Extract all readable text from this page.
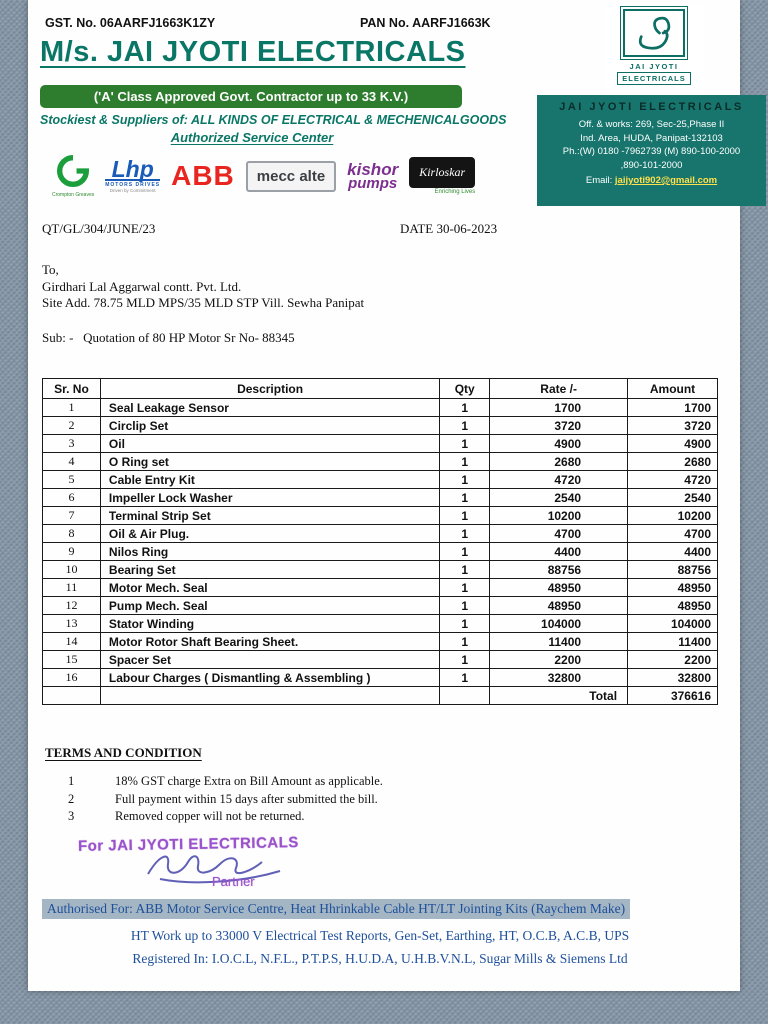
GST. No. 06AARFJ1663K1ZY	PAN No. AARFJ1663K
M/s. JAI JYOTI ELECTRICALS
('A' Class Approved Govt. Contractor up to 33 K.V.)
Stockiest & Suppliers of: ALL KINDS OF ELECTRICAL & MECHENICALGOODS
Authorized Service Center
Crompton Greaves
Lhp
MOTORS DRIVES
Driven by Commitment ABB	mecc alte	kishor
pumps
Kirloskar
Enriching Lives
JAI JYOTI
ELECTRICALS
JAI JYOTI ELECTRICALS
Off. & works: 269, Sec-25,Phase II
Ind. Area, HUDA, Panipat-132103
Ph.:(W) 0180 -7962739 (M) 890-100-2000
,890-101-2000
Email: jaijyoti902@gmail.com
QT/GL/304/JUNE/23	DATE 30-06-2023
To,
Girdhari Lal Aggarwal contt. Pvt. Ltd.
Site Add. 78.75 MLD MPS/35 MLD STP Vill. Sewha Panipat
Sub: -   Quotation of 80 HP Motor Sr No- 88345
Sr. No	Description	Qty	Rate /-	Amount
1	Seal Leakage Sensor	1	1700	1700
2	Circlip Set	1	3720	3720
3	Oil	1	4900	4900
4	O Ring set	1	2680	2680
5	Cable Entry Kit	1	4720	4720
6	Impeller Lock Washer	1	2540	2540
7	Terminal Strip Set	1	10200	10200
8	Oil & Air Plug.	1	4700	4700
9	Nilos Ring	1	4400	4400
10	Bearing Set	1	88756	88756
11	Motor Mech. Seal	1	48950	48950
12	Pump Mech. Seal	1	48950	48950
13	Stator Winding	1	104000	104000
14	Motor Rotor Shaft Bearing Sheet.	1	11400	11400
15	Spacer Set	1	2200	2200
16	Labour Charges ( Dismantling & Assembling )	1	32800	32800
			Total	376616
TERMS AND CONDITION
1	18% GST charge Extra on Bill Amount as applicable.
2	Full payment within 15 days after submitted the bill.
3	Removed copper will not be returned.
For JAI JYOTI ELECTRICALS
Partner
Authorised For: ABB Motor Service Centre, Heat Hhrinkable Cable HT/LT Jointing Kits (Raychem Make)
HT Work up to 33000 V Electrical Test Reports, Gen-Set, Earthing, HT, O.C.B, A.C.B, UPS
Registered In: I.O.C.L, N.F.L., P.T.P.S, H.U.D.A, U.H.B.V.N.L, Sugar Mills & Siemens Ltd
